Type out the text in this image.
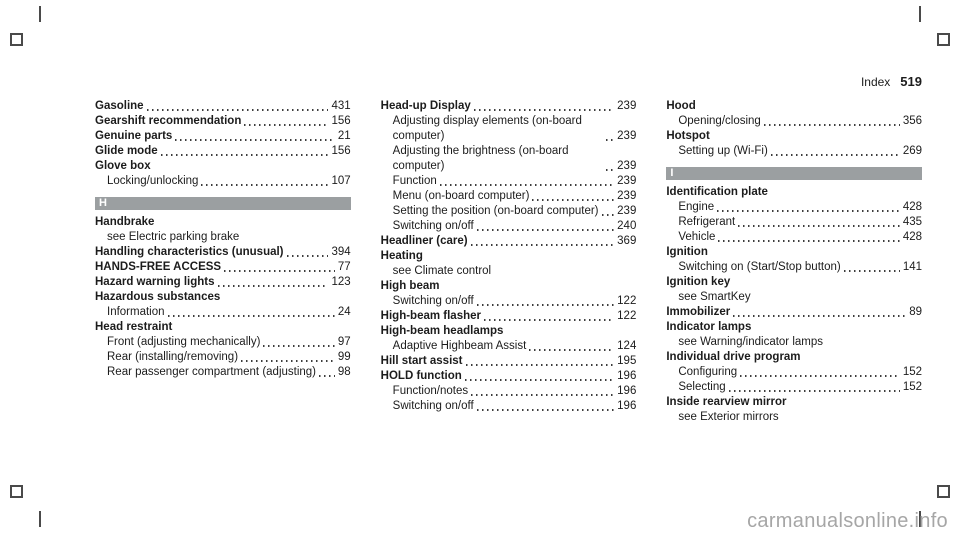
Index 519
Gasoline	431
Gearshift recommendation	156
Genuine parts	21
Glide mode	156
Glove box
Locking/unlocking	107
H
Handbrake
see Electric parking brake
Handling characteristics (unusual)	394
HANDS-FREE ACCESS	77
Hazard warning lights	123
Hazardous substances
Information	24
Head restraint
Front (adjusting mechanically)	97
Rear (installing/removing)	99
Rear passenger compartment (adjusting) 98
Head-up Display	239
Adjusting display elements (on-board computer)	239
Adjusting the brightness (on-board computer)	239
Function	239
Menu (on-board computer)	239
Setting the position (on-board computer) 239
Switching on/off	240
Headliner (care)	369
Heating
see Climate control
High beam
Switching on/off	122
High-beam flasher	122
High-beam headlamps
Adaptive Highbeam Assist	124
Hill start assist	195
HOLD function	196
Function/notes	196
Switching on/off	196
Hood
Opening/closing	356
Hotspot
Setting up (Wi-Fi)	269
I
Identification plate
Engine	428
Refrigerant	435
Vehicle	428
Ignition
Switching on (Start/Stop button)	141
Ignition key
see SmartKey
Immobilizer	89
Indicator lamps
see Warning/indicator lamps
Individual drive program
Configuring	152
Selecting	152
Inside rearview mirror
see Exterior mirrors
carmanualsonline.info
